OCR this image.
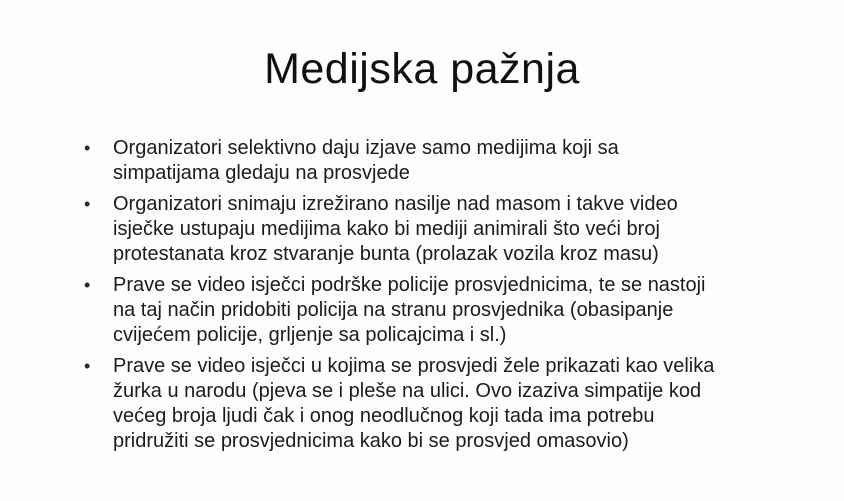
Medijska pažnja
• Organizatori selektivno daju izjave samo medijima koji sa
simpatijama gledaju na prosvjede
• Organizatori snimaju izrežirano nasilje nad masom i takve video
isječke ustupaju medijima kako bi mediji animirali što veći broj
protestanata kroz stvaranje bunta (prolazak vozila kroz masu)
• Prave se video isječci podrške policije prosvjednicima, te se nastoji
na taj način pridobiti policija na stranu prosvjednika (obasipanje
cvijećem policije, grljenje sa policajcima i sl.)
• Prave se video isječci u kojima se prosvjedi žele prikazati kao velika
žurka u narodu (pjeva se i pleše na ulici. Ovo izaziva simpatije kod
većeg broja ljudi čak i onog neodlučnog koji tada ima potrebu
pridružiti se prosvjednicima kako bi se prosvjed omasovio)
